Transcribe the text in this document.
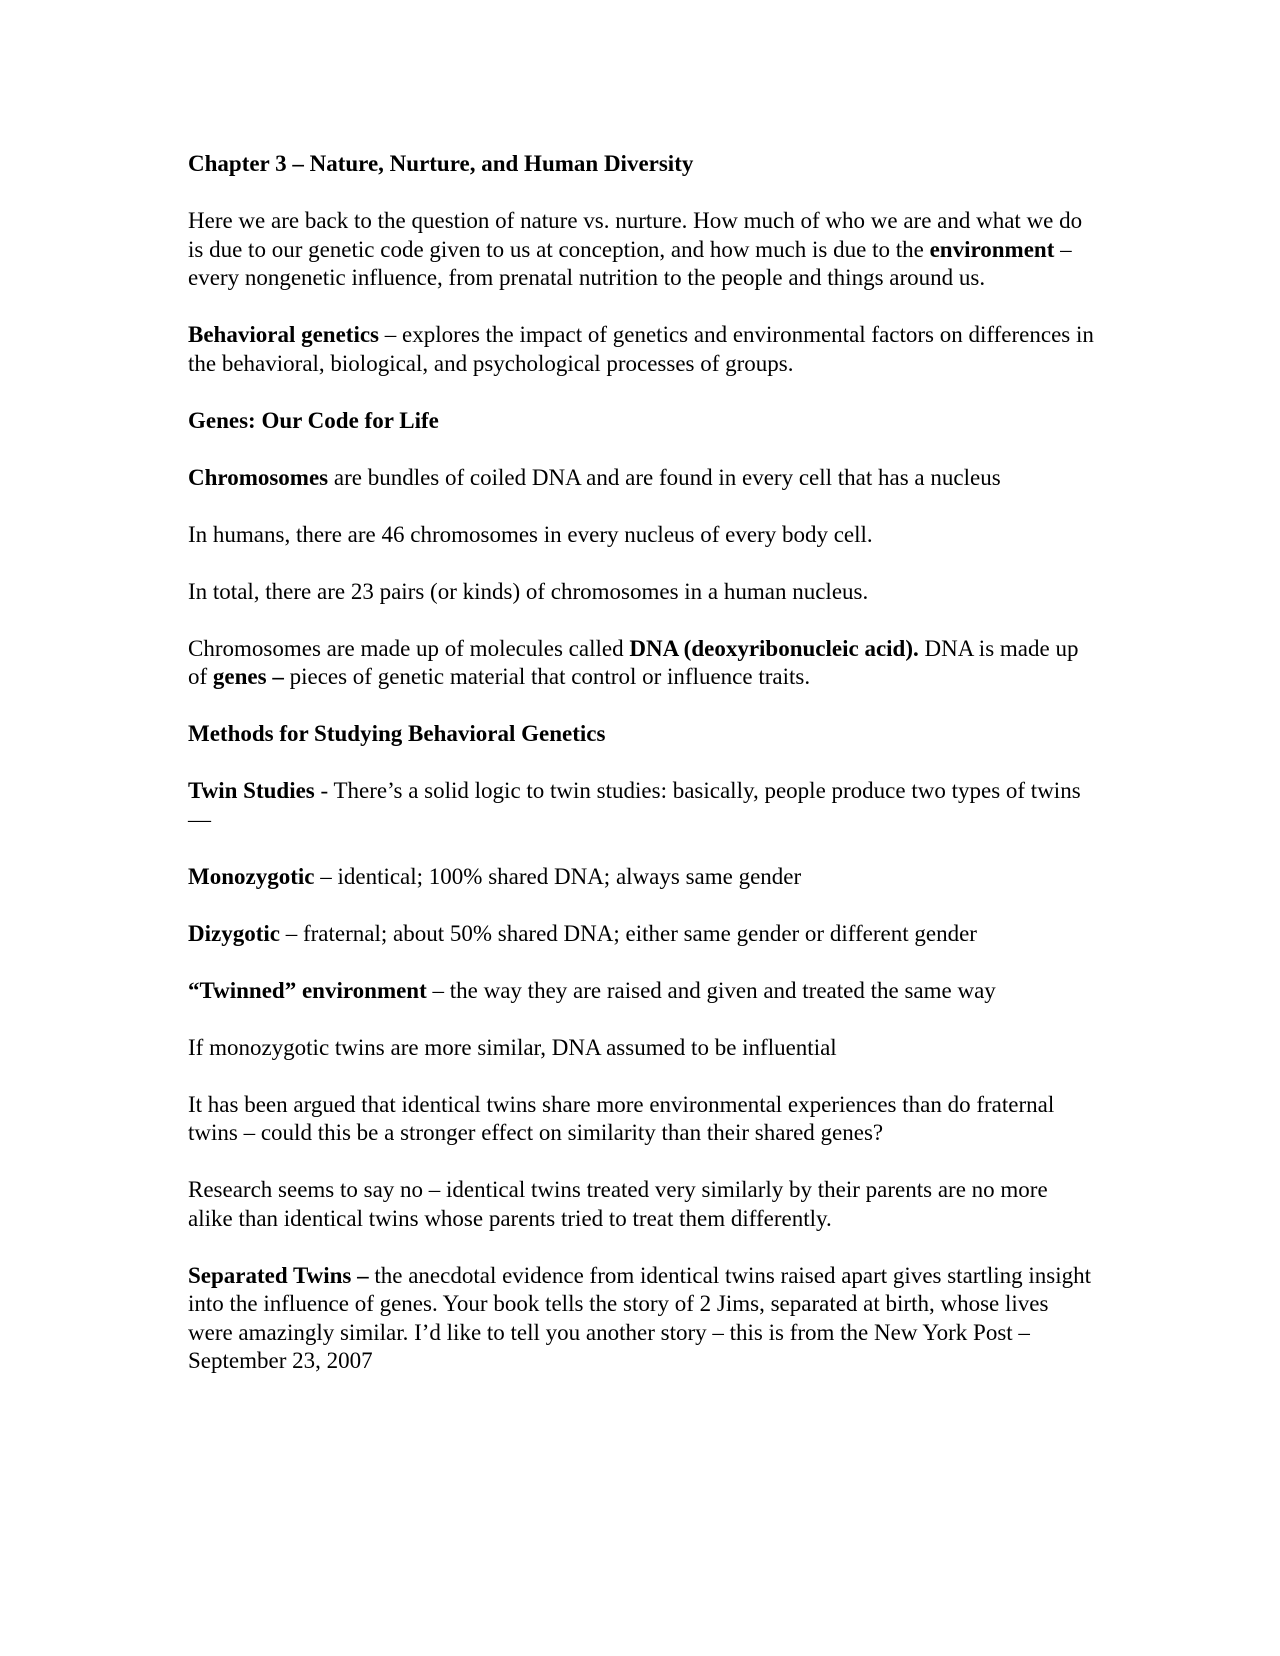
Chapter 3 – Nature, Nurture, and Human Diversity

Here we are back to the question of nature vs. nurture. How much of who we are and what we do is due to our genetic code given to us at conception, and how much is due to the environment – every nongenetic influence, from prenatal nutrition to the people and things around us.

Behavioral genetics – explores the impact of genetics and environmental factors on differences in the behavioral, biological, and psychological processes of groups.

Genes: Our Code for Life

Chromosomes are bundles of coiled DNA and are found in every cell that has a nucleus

In humans, there are 46 chromosomes in every nucleus of every body cell.

In total, there are 23 pairs (or kinds) of chromosomes in a human nucleus.

Chromosomes are made up of molecules called DNA (deoxyribonucleic acid). DNA is made up of genes – pieces of genetic material that control or influence traits.

Methods for Studying Behavioral Genetics

Twin Studies - There’s a solid logic to twin studies: basically, people produce two types of twins—

Monozygotic – identical; 100% shared DNA; always same gender

Dizygotic – fraternal; about 50% shared DNA; either same gender or different gender

“Twinned” environment – the way they are raised and given and treated the same way

If monozygotic twins are more similar, DNA assumed to be influential

It has been argued that identical twins share more environmental experiences than do fraternal twins – could this be a stronger effect on similarity than their shared genes?

Research seems to say no – identical twins treated very similarly by their parents are no more alike than identical twins whose parents tried to treat them differently.

Separated Twins – the anecdotal evidence from identical twins raised apart gives startling insight into the influence of genes. Your book tells the story of 2 Jims, separated at birth, whose lives were amazingly similar. I’d like to tell you another story – this is from the New York Post – September 23, 2007
